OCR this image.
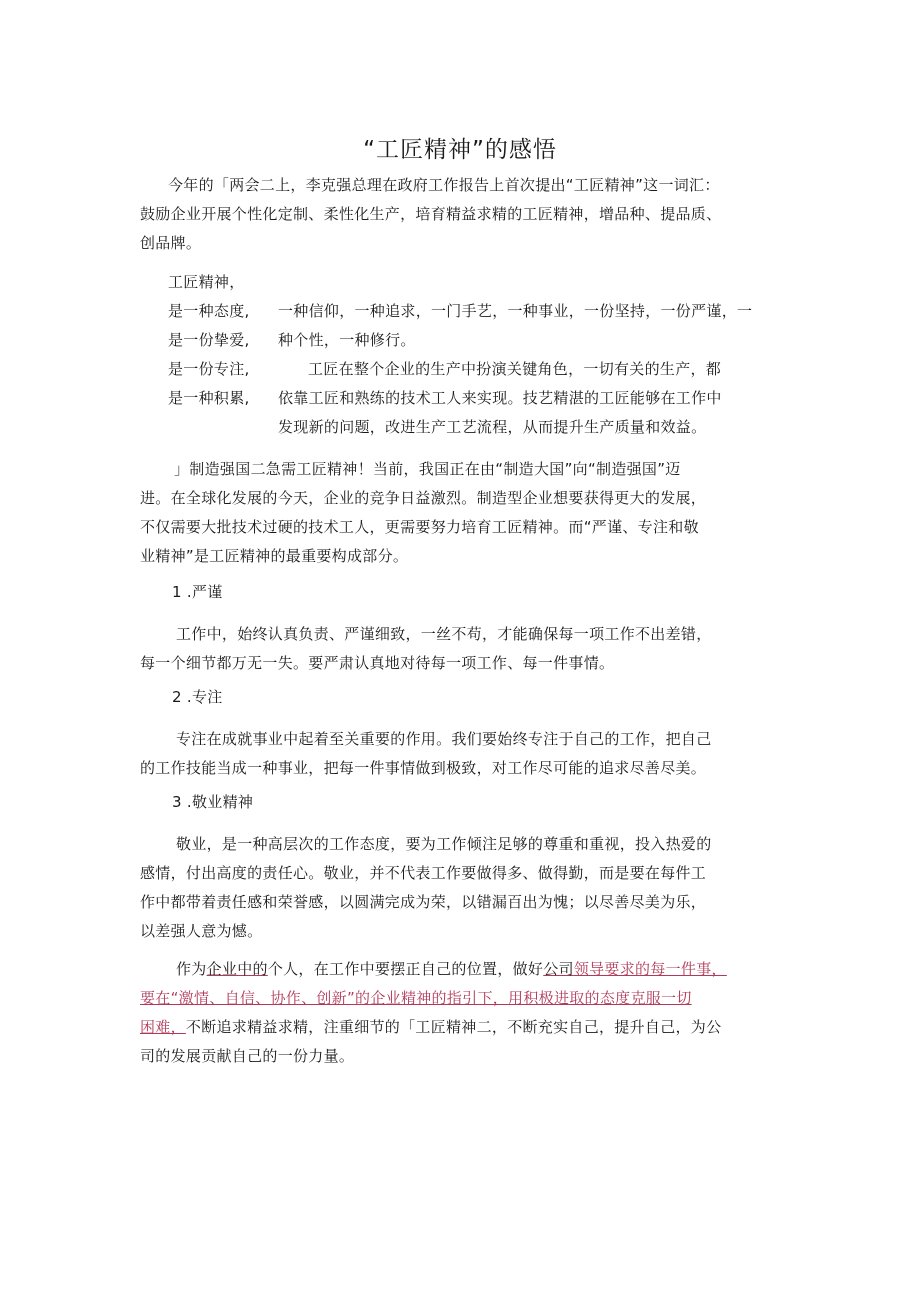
“工匠精神”的感悟

今年的「两会二上，李克强总理在政府工作报告上首次提出“工匠精神”这一词汇：
鼓励企业开展个性化定制、柔性化生产，培育精益求精的工匠精神，增品种、提品质、
创品牌。

工匠精神，
是一种态度,
是一份挚爱,
是一份专注,
是一种积累,
一种信仰，一种追求，一门手艺，一种事业，一份坚持，一份严谨，一
种个性，一种修行。
工匠在整个企业的生产中扮演关键角色，一切有关的生产，都
依靠工匠和熟练的技术工人来实现。技艺精湛的工匠能够在工作中
发现新的问题，改进生产工艺流程，从而提升生产质量和效益。

」制造强国二急需工匠精神！当前，我国正在由“制造大国”向“制造强国”迈
进。在全球化发展的今天，企业的竞争日益激烈。制造型企业想要获得更大的发展，
不仅需要大批技术过硬的技术工人，更需要努力培育工匠精神。而“严谨、专注和敬
业精神”是工匠精神的最重要构成部分。

1 .严谨

工作中，始终认真负责、严谨细致，一丝不苟，才能确保每一项工作不出差错，
每一个细节都万无一失。要严肃认真地对待每一项工作、每一件事情。

2 .专注

专注在成就事业中起着至关重要的作用。我们要始终专注于自己的工作，把自己
的工作技能当成一种事业，把每一件事情做到极致，对工作尽可能的追求尽善尽美。

3 .敬业精神

敬业，是一种高层次的工作态度，要为工作倾注足够的尊重和重视，投入热爱的
感情，付出高度的责任心。敬业，并不代表工作要做得多、做得勤，而是要在每件工
作中都带着责任感和荣誉感，以圆满完成为荣，以错漏百出为愧；以尽善尽美为乐，
以差强人意为憾。

作为企业中的个人，在工作中要摆正自己的位置，做好公司领导要求的每一件事，
要在“激情、自信、协作、创新”的企业精神的指引下，用积极进取的态度克服一切
困难，不断追求精益求精，注重细节的「工匠精神二，不断充实自己，提升自己，为公
司的发展贡献自己的一份力量。
